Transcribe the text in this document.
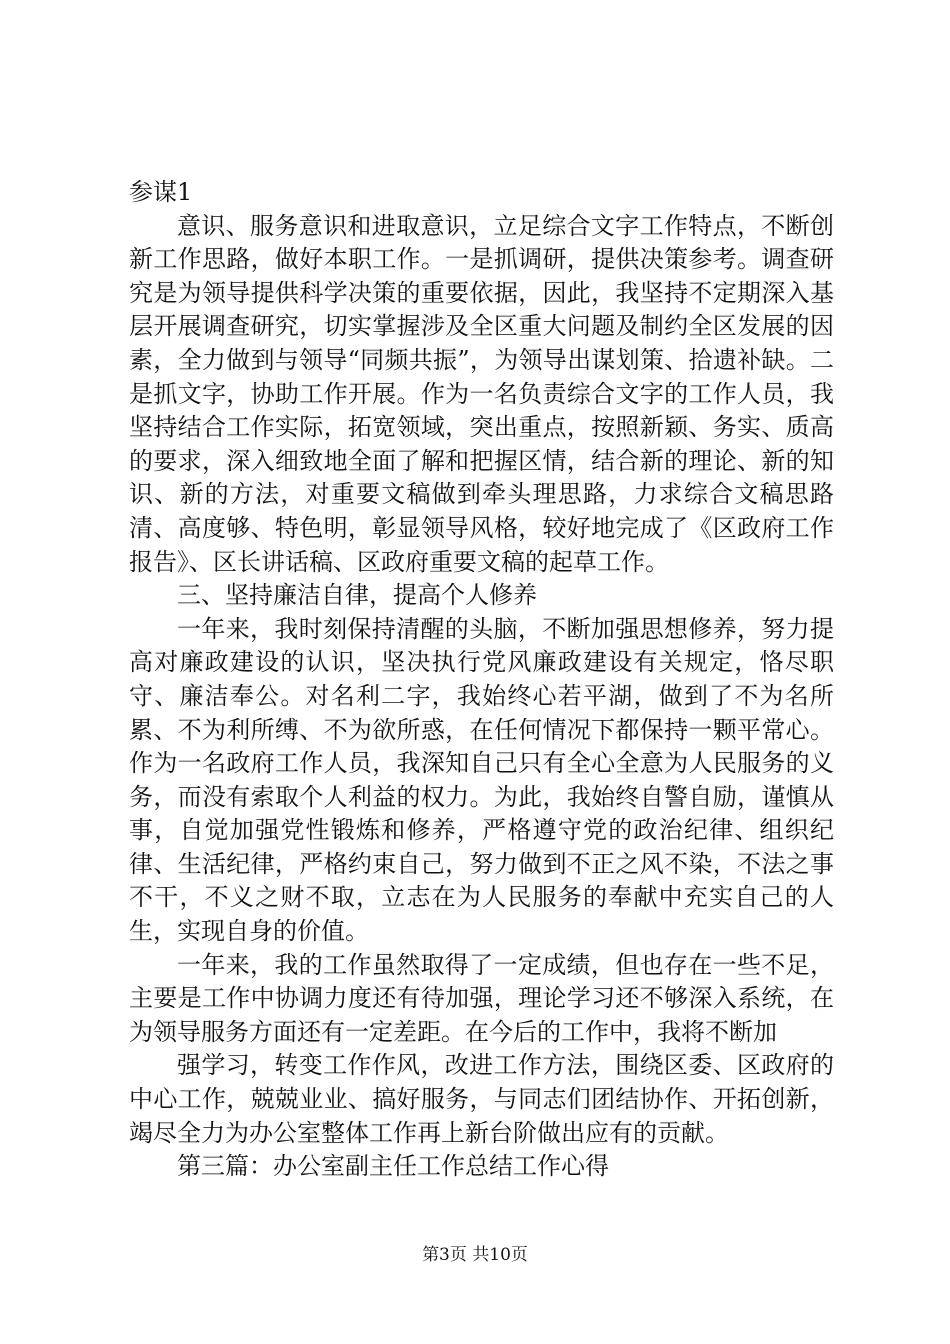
参谋1

意识、服务意识和进取意识，立足综合文字工作特点，不断创新工作思路，做好本职工作。一是抓调研，提供决策参考。调查研究是为领导提供科学决策的重要依据，因此，我坚持不定期深入基层开展调查研究，切实掌握涉及全区重大问题及制约全区发展的因素，全力做到与领导“同频共振”，为领导出谋划策、拾遗补缺。二是抓文字，协助工作开展。作为一名负责综合文字的工作人员，我坚持结合工作实际，拓宽领域，突出重点，按照新颖、务实、质高的要求，深入细致地全面了解和把握区情，结合新的理论、新的知识、新的方法，对重要文稿做到牵头理思路，力求综合文稿思路清、高度够、特色明，彰显领导风格，较好地完成了《区政府工作报告》、区长讲话稿、区政府重要文稿的起草工作。

三、坚持廉洁自律，提高个人修养

一年来，我时刻保持清醒的头脑，不断加强思想修养，努力提高对廉政建设的认识，坚决执行党风廉政建设有关规定，恪尽职守、廉洁奉公。对名利二字，我始终心若平湖，做到了不为名所累、不为利所缚、不为欲所惑，在任何情况下都保持一颗平常心。作为一名政府工作人员，我深知自己只有全心全意为人民服务的义务，而没有索取个人利益的权力。为此，我始终自警自励，谨慎从事，自觉加强党性锻炼和修养，严格遵守党的政治纪律、组织纪律、生活纪律，严格约束自己，努力做到不正之风不染，不法之事不干，不义之财不取，立志在为人民服务的奉献中充实自己的人生，实现自身的价值。

一年来，我的工作虽然取得了一定成绩，但也存在一些不足，主要是工作中协调力度还有待加强，理论学习还不够深入系统，在为领导服务方面还有一定差距。在今后的工作中，我将不断加

强学习，转变工作作风，改进工作方法，围绕区委、区政府的中心工作，兢兢业业、搞好服务，与同志们团结协作、开拓创新，竭尽全力为办公室整体工作再上新台阶做出应有的贡献。

第三篇：办公室副主任工作总结工作心得

第3页 共10页
